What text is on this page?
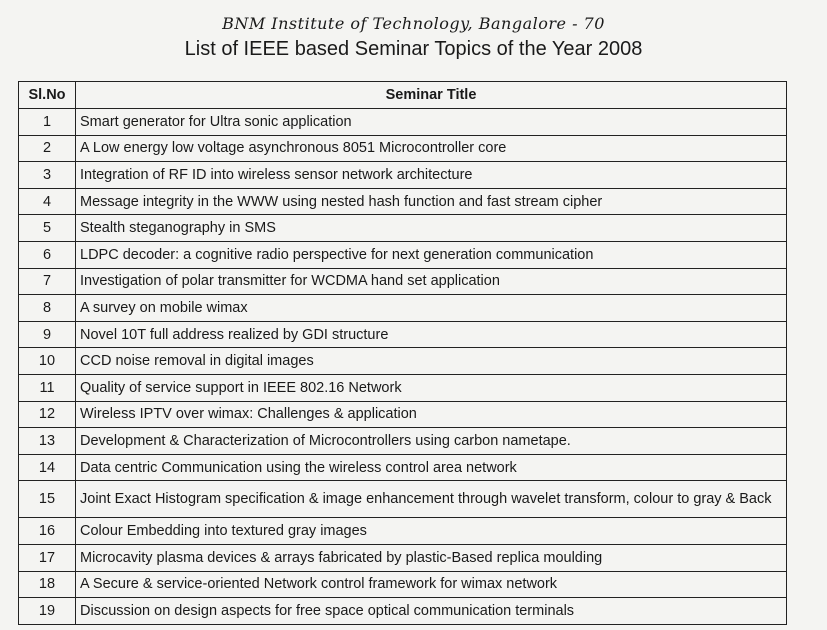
BNM Institute of Technology, Bangalore - 70
List of IEEE based Seminar Topics of the Year 2008
Sl.No	Seminar Title
1	Smart generator for Ultra sonic application
2	A Low energy low voltage asynchronous 8051 Microcontroller core
3	Integration of RF ID into wireless sensor network architecture
4	Message integrity in the WWW using nested hash function and fast stream cipher
5	Stealth steganography in SMS
6	LDPC decoder: a cognitive radio perspective for next generation communication
7	Investigation of polar transmitter for WCDMA hand set application
8	A survey on mobile wimax
9	Novel 10T full address realized by GDI structure
10	CCD noise removal in digital images
11	Quality of service support in IEEE 802.16 Network
12	Wireless IPTV over wimax: Challenges & application
13	Development & Characterization of Microcontrollers using carbon nametape.
14	Data centric Communication using the wireless control area network
15	Joint Exact Histogram specification & image enhancement through wavelet transform, colour to gray & Back
16	Colour Embedding into textured gray images
17	Microcavity plasma devices & arrays fabricated by plastic-Based replica moulding
18	A Secure & service-oriented Network control framework for wimax network
19	Discussion on design aspects for free space optical communication terminals
